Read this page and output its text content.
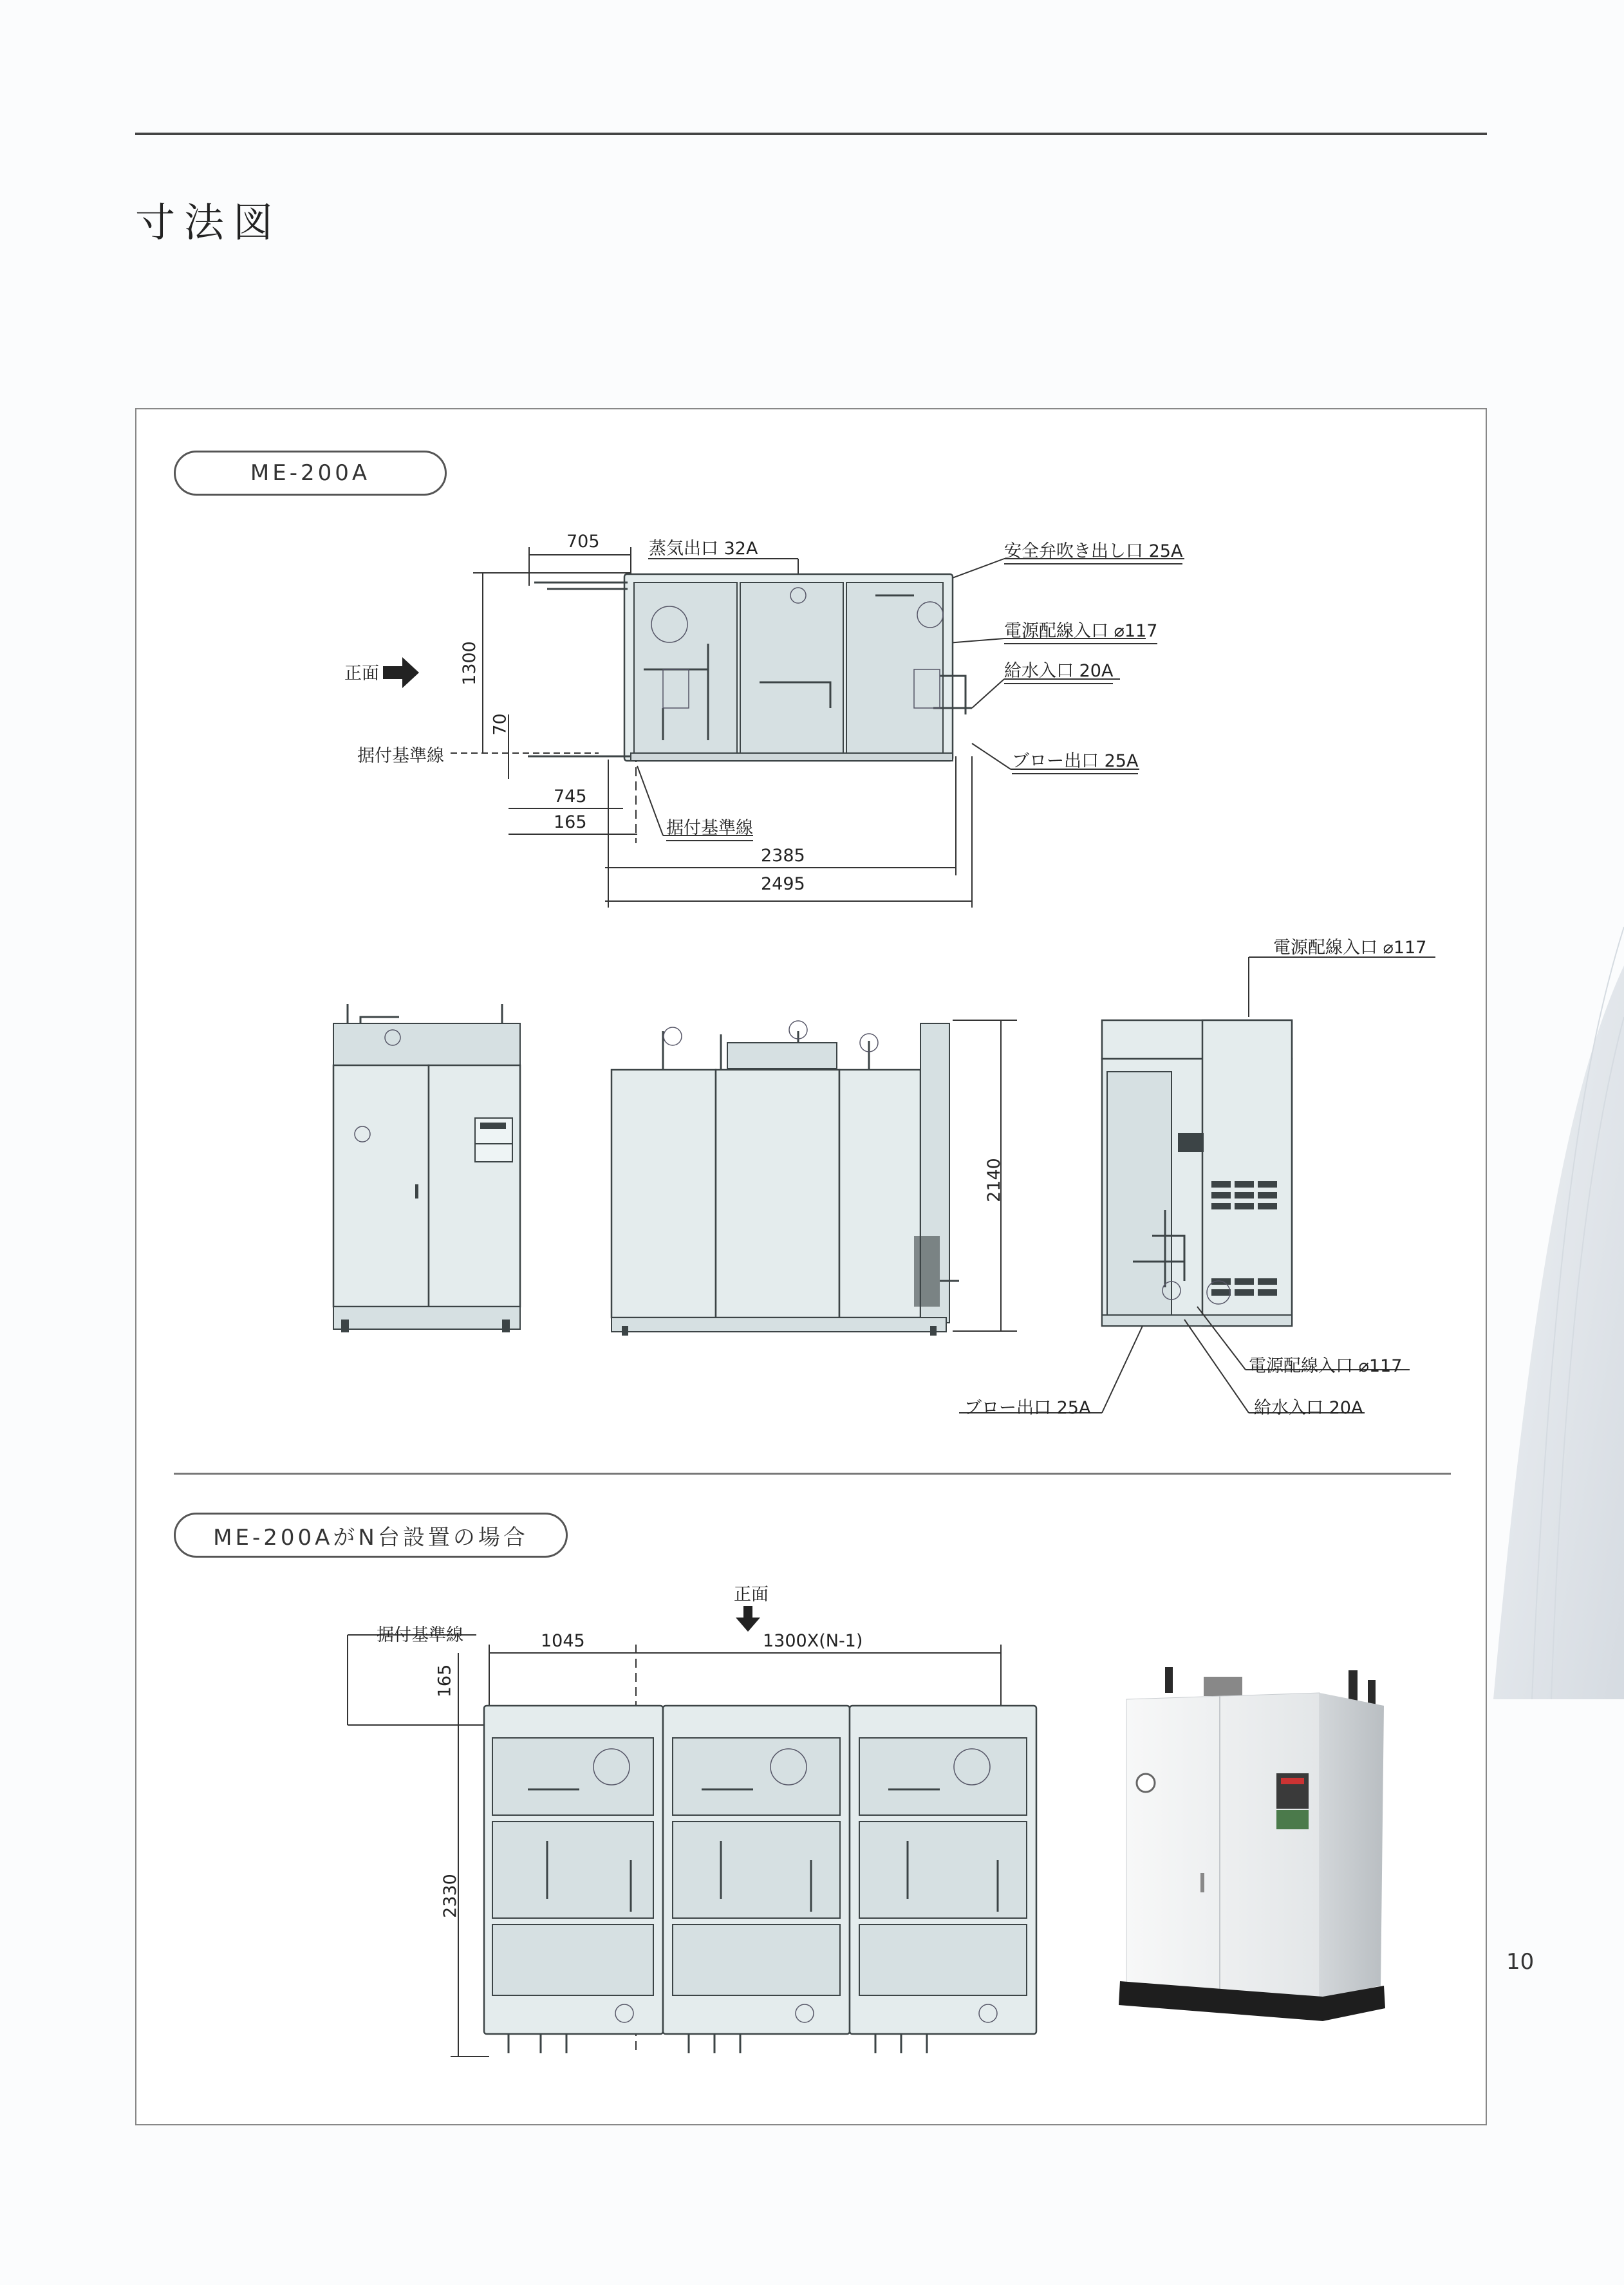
寸法図
ME-200A
705
1300
70
745
165
2385
2495
蒸気出口 32A	安全弁吹き出し口 25A
電源配線入口 ⌀117
給水入口 20A
ブロー出口 25A
正面
据付基準線
据付基準線
2140
電源配線入口 ⌀117
電源配線入口 ⌀117
給水入口 20A
ブロー出口 25A
ME-200AがN台設置の場合
正面
据付基準線	1045	1300X(N-1)
165
2330
10
